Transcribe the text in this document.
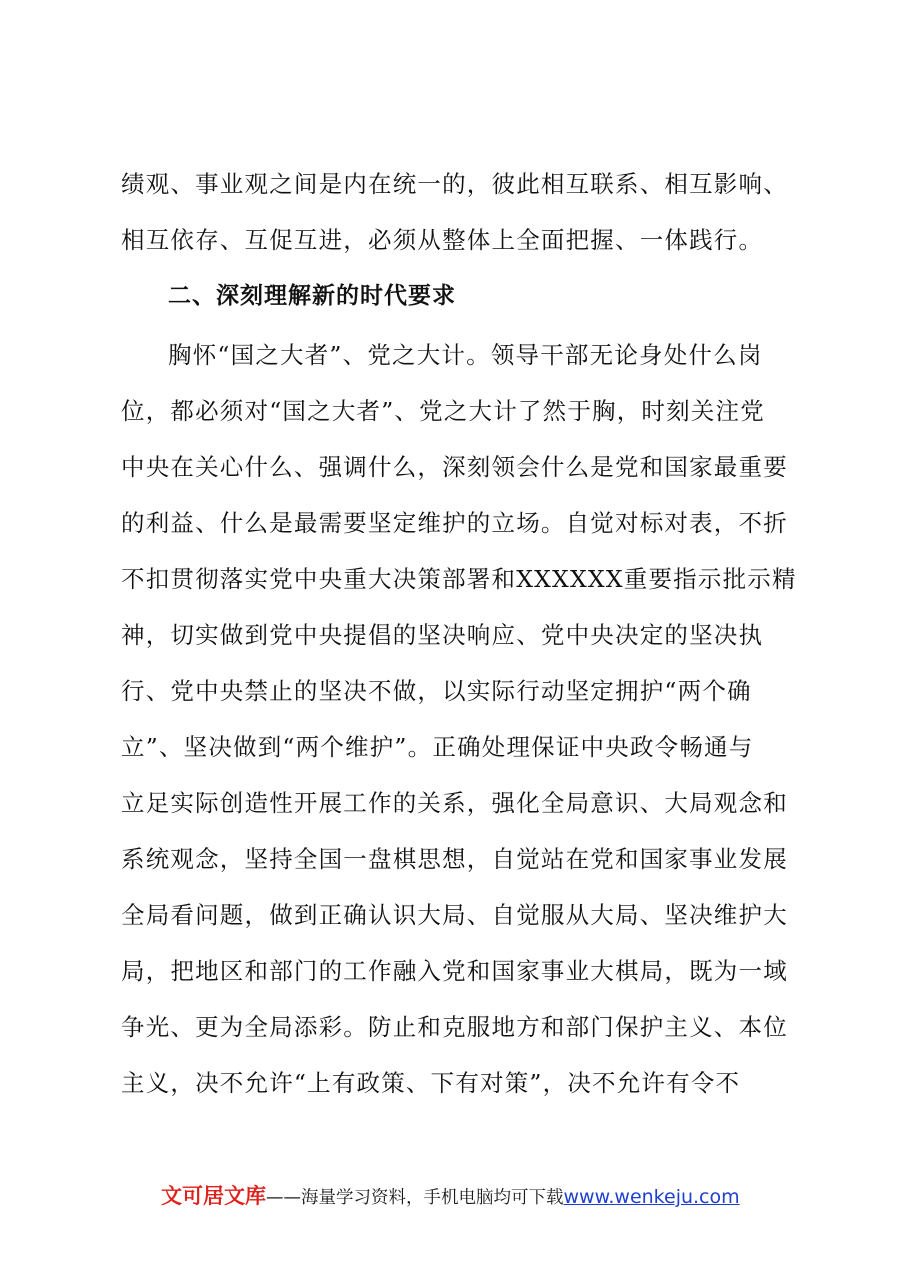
绩观、事业观之间是内在统一的，彼此相互联系、相互影响、
相互依存、互促互进，必须从整体上全面把握、一体践行。
二、深刻理解新的时代要求
胸怀“国之大者”、党之大计。领导干部无论身处什么岗
位，都必须对“国之大者”、党之大计了然于胸，时刻关注党
中央在关心什么、强调什么，深刻领会什么是党和国家最重要
的利益、什么是最需要坚定维护的立场。自觉对标对表，不折
不扣贯彻落实党中央重大决策部署和XXXXXX重要指示批示精
神，切实做到党中央提倡的坚决响应、党中央决定的坚决执
行、党中央禁止的坚决不做，以实际行动坚定拥护“两个确
立”、坚决做到“两个维护”。正确处理保证中央政令畅通与
立足实际创造性开展工作的关系，强化全局意识、大局观念和
系统观念，坚持全国一盘棋思想，自觉站在党和国家事业发展
全局看问题，做到正确认识大局、自觉服从大局、坚决维护大
局，把地区和部门的工作融入党和国家事业大棋局，既为一域
争光、更为全局添彩。防止和克服地方和部门保护主义、本位
主义，决不允许“上有政策、下有对策”，决不允许有令不
文可居文库——海量学习资料，手机电脑均可下载www.wenkeju.com
